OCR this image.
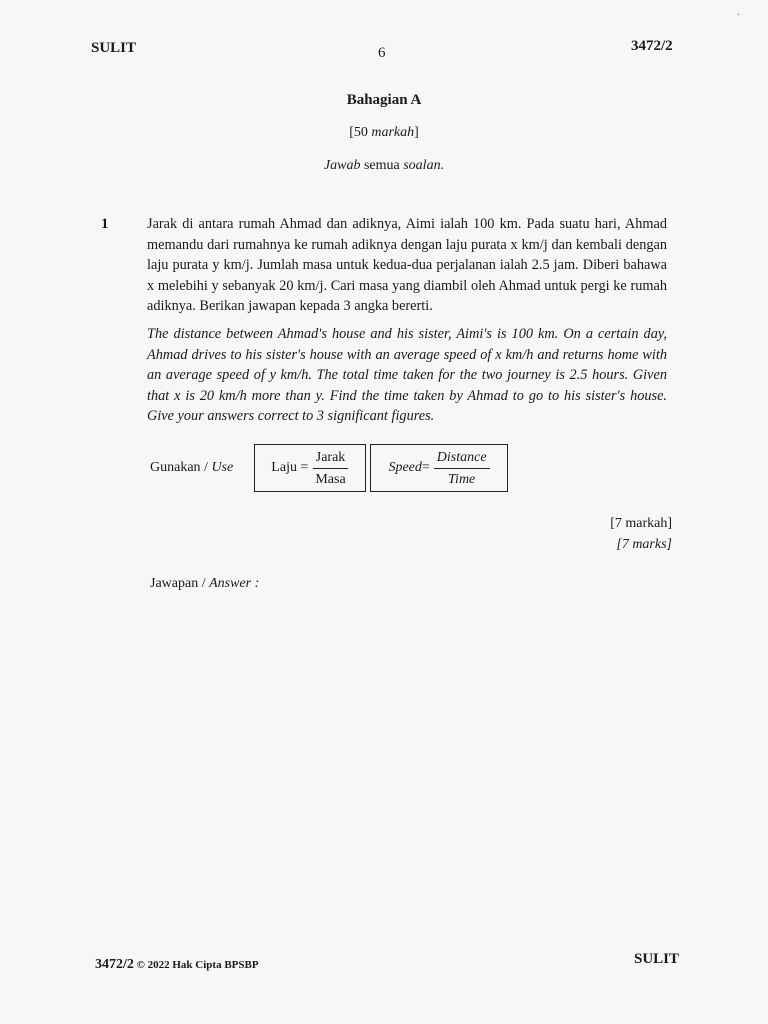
SULIT	6	3472/2
·
Bahagian A
[50 markah]
Jawab semua soalan.
1	Jarak di antara rumah Ahmad dan adiknya, Aimi ialah 100 km. Pada suatu hari, Ahmad memandu dari rumahnya ke rumah adiknya dengan laju purata x km/j dan kembali dengan laju purata y km/j. Jumlah masa untuk kedua-dua perjalanan ialah 2.5 jam. Diberi bahawa x melebihi y sebanyak 20 km/j. Cari masa yang diambil oleh Ahmad untuk pergi ke rumah adiknya. Berikan jawapan kepada 3 angka bererti.
The distance between Ahmad's house and his sister, Aimi's is 100 km. On a certain day, Ahmad drives to his sister's house with an average speed of x km/h and returns home with an average speed of y km/h. The total time taken for the two journey is 2.5 hours. Given that x is 20 km/h more than y. Find the time taken by Ahmad to go to his sister's house. Give your answers correct to 3 significant figures.
Gunakan / Use	Laju = $\frac{\text{Jarak}}{\text{Masa}}$	Speed = $\frac{\text{Distance}}{\text{Time}}$
[7 markah]
[7 marks]
Jawapan / Answer :
3472/2 © 2022 Hak Cipta BPSBP	SULIT
